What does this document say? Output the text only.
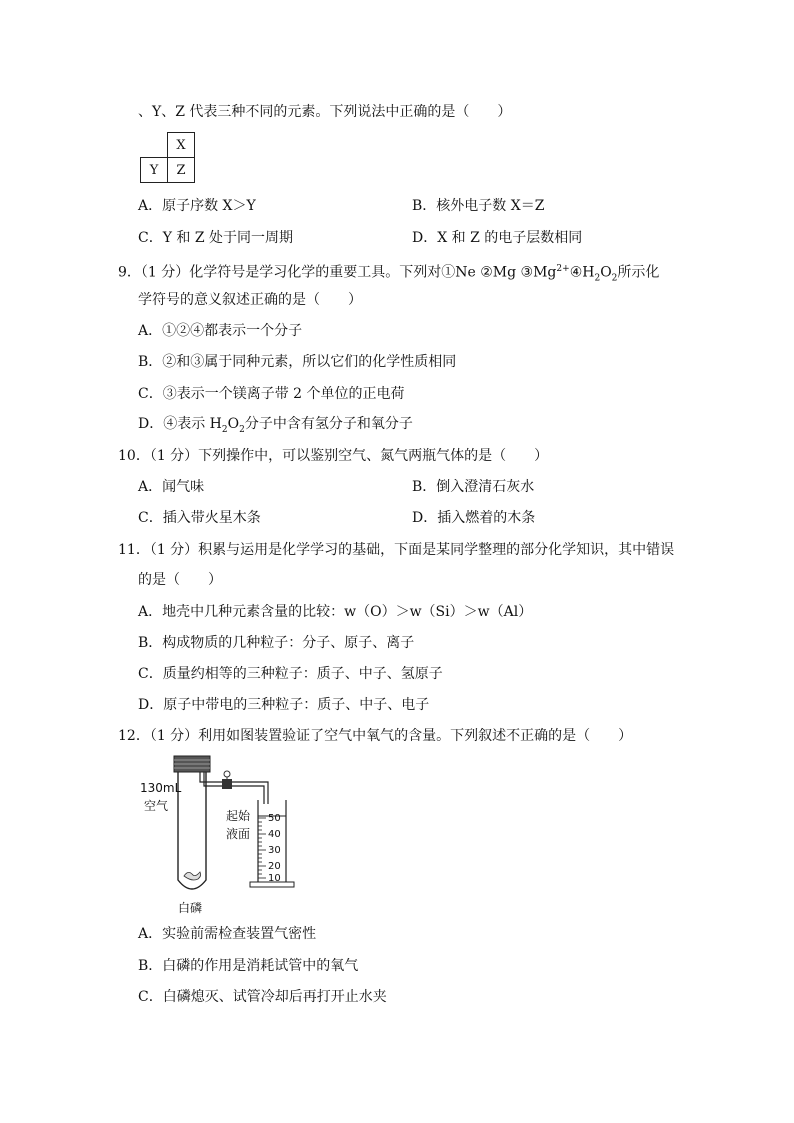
、Y、Z 代表三种不同的元素。下列说法中正确的是（　　）
	X
Y	Z
A．原子序数 X＞Y	B．核外电子数 X＝Z
C．Y 和 Z 处于同一周期	D．X 和 Z 的电子层数相同
9．（1 分）化学符号是学习化学的重要工具。下列对①Ne ②Mg $③Mg^{2+}④H_2O_2$所示化
学符号的意义叙述正确的是（　　）
A．①②④都表示一个分子
B．②和③属于同种元素，所以它们的化学性质相同
C．③表示一个镁离子带 2 个单位的正电荷
D．④表示 $H_2O_2$分子中含有氢分子和氧分子
10．（1 分）下列操作中，可以鉴别空气、氮气两瓶气体的是（　　）
A．闻气味	B．倒入澄清石灰水
C．插入带火星木条	D．插入燃着的木条
11．（1 分）积累与运用是化学学习的基础，下面是某同学整理的部分化学知识，其中错误
的是（　　）
A．地壳中几种元素含量的比较：w（O）＞w（Si）＞w（Al）
B．构成物质的几种粒子：分子、原子、离子
C．质量约相等的三种粒子：质子、中子、氢原子
D．原子中带电的三种粒子：质子、中子、电子
12．（1 分）利用如图装置验证了空气中氧气的含量。下列叙述不正确的是（　　）
50
40
30
20
10
130mL
空气
起始
液面
白磷
A．实验前需检查装置气密性
B．白磷的作用是消耗试管中的氧气
C．白磷熄灭、试管冷却后再打开止水夹
